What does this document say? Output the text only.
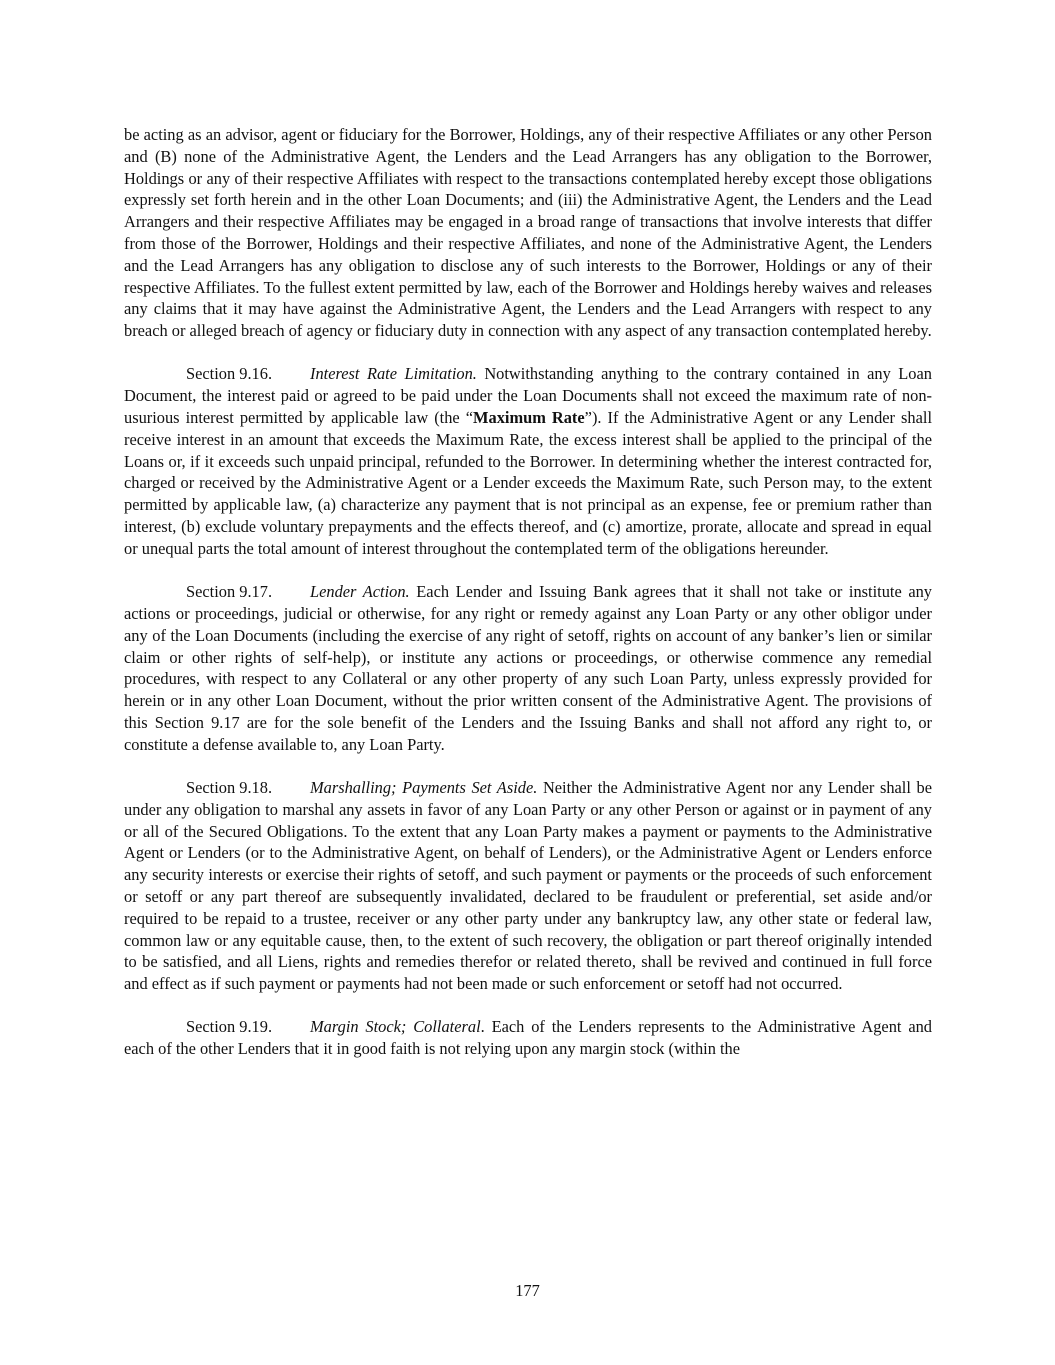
be acting as an advisor, agent or fiduciary for the Borrower, Holdings, any of their respective Affiliates or any other Person and (B) none of the Administrative Agent, the Lenders and the Lead Arrangers has any obligation to the Borrower, Holdings or any of their respective Affiliates with respect to the transactions contemplated hereby except those obligations expressly set forth herein and in the other Loan Documents; and (iii) the Administrative Agent, the Lenders and the Lead Arrangers and their respective Affiliates may be engaged in a broad range of transactions that involve interests that differ from those of the Borrower, Holdings and their respective Affiliates, and none of the Administrative Agent, the Lenders and the Lead Arrangers has any obligation to disclose any of such interests to the Borrower, Holdings or any of their respective Affiliates. To the fullest extent permitted by law, each of the Borrower and Holdings hereby waives and releases any claims that it may have against the Administrative Agent, the Lenders and the Lead Arrangers with respect to any breach or alleged breach of agency or fiduciary duty in connection with any aspect of any transaction contemplated hereby.

Section 9.16. Interest Rate Limitation. Notwithstanding anything to the contrary contained in any Loan Document, the interest paid or agreed to be paid under the Loan Documents shall not exceed the maximum rate of non-usurious interest permitted by applicable law (the “Maximum Rate”). If the Administrative Agent or any Lender shall receive interest in an amount that exceeds the Maximum Rate, the excess interest shall be applied to the principal of the Loans or, if it exceeds such unpaid principal, refunded to the Borrower. In determining whether the interest contracted for, charged or received by the Administrative Agent or a Lender exceeds the Maximum Rate, such Person may, to the extent permitted by applicable law, (a) characterize any payment that is not principal as an expense, fee or premium rather than interest, (b) exclude voluntary prepayments and the effects thereof, and (c) amortize, prorate, allocate and spread in equal or unequal parts the total amount of interest throughout the contemplated term of the obligations hereunder.

Section 9.17. Lender Action. Each Lender and Issuing Bank agrees that it shall not take or institute any actions or proceedings, judicial or otherwise, for any right or remedy against any Loan Party or any other obligor under any of the Loan Documents (including the exercise of any right of setoff, rights on account of any banker’s lien or similar claim or other rights of self-help), or institute any actions or proceedings, or otherwise commence any remedial procedures, with respect to any Collateral or any other property of any such Loan Party, unless expressly provided for herein or in any other Loan Document, without the prior written consent of the Administrative Agent. The provisions of this Section 9.17 are for the sole benefit of the Lenders and the Issuing Banks and shall not afford any right to, or constitute a defense available to, any Loan Party.

Section 9.18. Marshalling; Payments Set Aside. Neither the Administrative Agent nor any Lender shall be under any obligation to marshal any assets in favor of any Loan Party or any other Person or against or in payment of any or all of the Secured Obligations. To the extent that any Loan Party makes a payment or payments to the Administrative Agent or Lenders (or to the Administrative Agent, on behalf of Lenders), or the Administrative Agent or Lenders enforce any security interests or exercise their rights of setoff, and such payment or payments or the proceeds of such enforcement or setoff or any part thereof are subsequently invalidated, declared to be fraudulent or preferential, set aside and/or required to be repaid to a trustee, receiver or any other party under any bankruptcy law, any other state or federal law, common law or any equitable cause, then, to the extent of such recovery, the obligation or part thereof originally intended to be satisfied, and all Liens, rights and remedies therefor or related thereto, shall be revived and continued in full force and effect as if such payment or payments had not been made or such enforcement or setoff had not occurred.

Section 9.19. Margin Stock; Collateral. Each of the Lenders represents to the Administrative Agent and each of the other Lenders that it in good faith is not relying upon any margin stock (within the

177
